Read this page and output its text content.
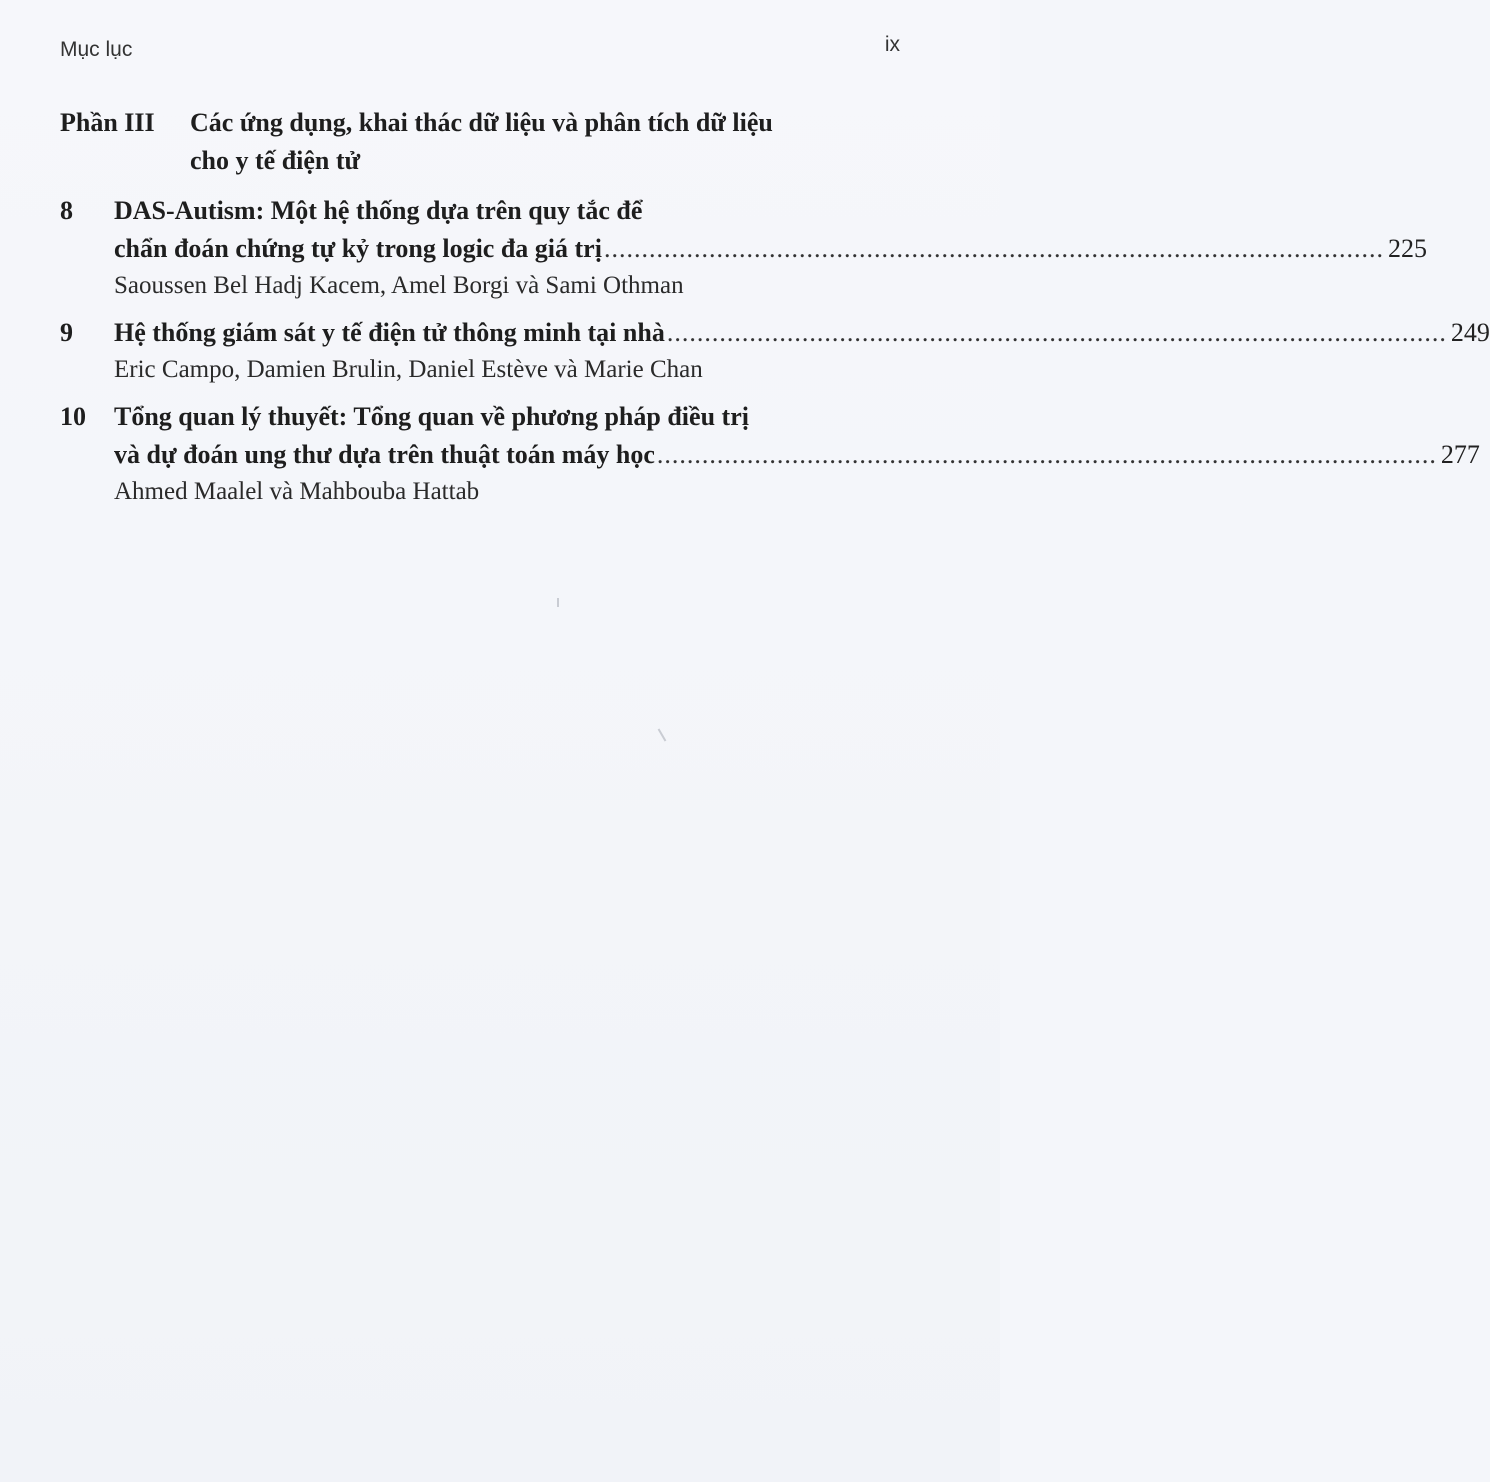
Mục lục	ix
Phần III	Các ứng dụng, khai thác dữ liệu và phân tích dữ liệu
cho y tế điện tử
8	DAS-Autism: Một hệ thống dựa trên quy tắc để
chẩn đoán chứng tự kỷ trong logic đa giá trị ........................................................................................................ 225
Saoussen Bel Hadj Kacem, Amel Borgi và Sami Othman
9	Hệ thống giám sát y tế điện tử thông minh tại nhà ........................................................................................................ 249
Eric Campo, Damien Brulin, Daniel Estève và Marie Chan
10	Tổng quan lý thuyết: Tổng quan về phương pháp điều trị
và dự đoán ung thư dựa trên thuật toán máy học ........................................................................................................ 277
Ahmed Maalel và Mahbouba Hattab
